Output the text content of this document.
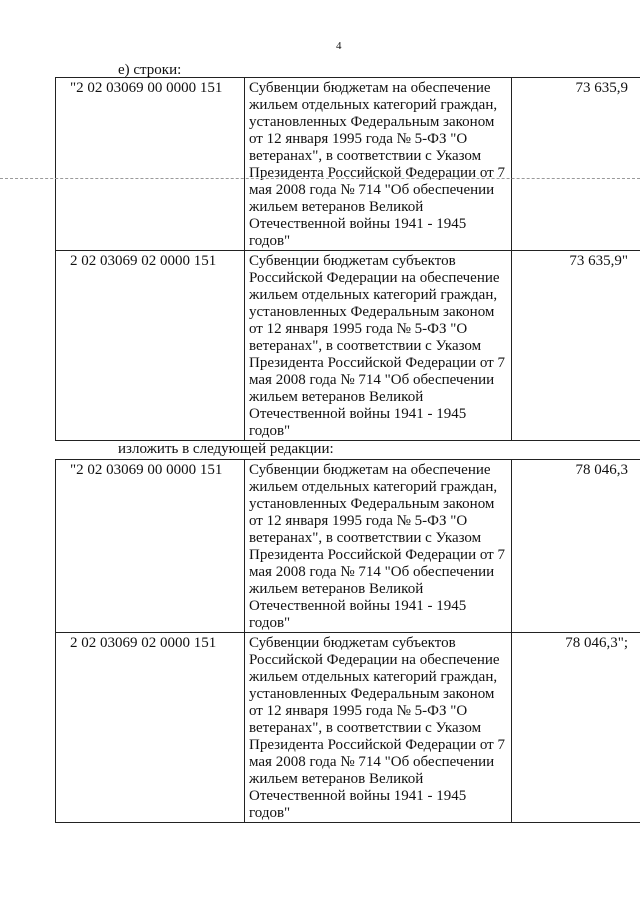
4
е) строки:
"2 02 03069 00 0000 151	Субвенции бюджетам на обеспечение жильем отдельных категорий граждан, установленных Федеральным законом от 12 января 1995 года № 5-ФЗ "О ветеранах", в соответствии с Указом Президента Российской Федерации от 7 мая 2008 года № 714 "Об обеспечении жильем ветеранов Великой Отечественной войны 1941 - 1945 годов"	73 635,9
2 02 03069 02 0000 151	Субвенции бюджетам субъектов Российской Федерации на обеспечение жильем отдельных категорий граждан, установленных Федеральным законом от 12 января 1995 года № 5-ФЗ "О ветеранах", в соответствии с Указом Президента Российской Федерации от 7 мая 2008 года № 714 "Об обеспечении жильем ветеранов Великой Отечественной войны 1941 - 1945 годов"	73 635,9"
изложить в следующей редакции:
"2 02 03069 00 0000 151	Субвенции бюджетам на обеспечение жильем отдельных категорий граждан, установленных Федеральным законом от 12 января 1995 года № 5-ФЗ "О ветеранах", в соответствии с Указом Президента Российской Федерации от 7 мая 2008 года № 714 "Об обеспечении жильем ветеранов Великой Отечественной войны 1941 - 1945 годов"	78 046,3
2 02 03069 02 0000 151	Субвенции бюджетам субъектов Российской Федерации на обеспечение жильем отдельных категорий граждан, установленных Федеральным законом от 12 января 1995 года № 5-ФЗ "О ветеранах", в соответствии с Указом Президента Российской Федерации от 7 мая 2008 года № 714 "Об обеспечении жильем ветеранов Великой Отечественной войны 1941 - 1945 годов"	78 046,3";
